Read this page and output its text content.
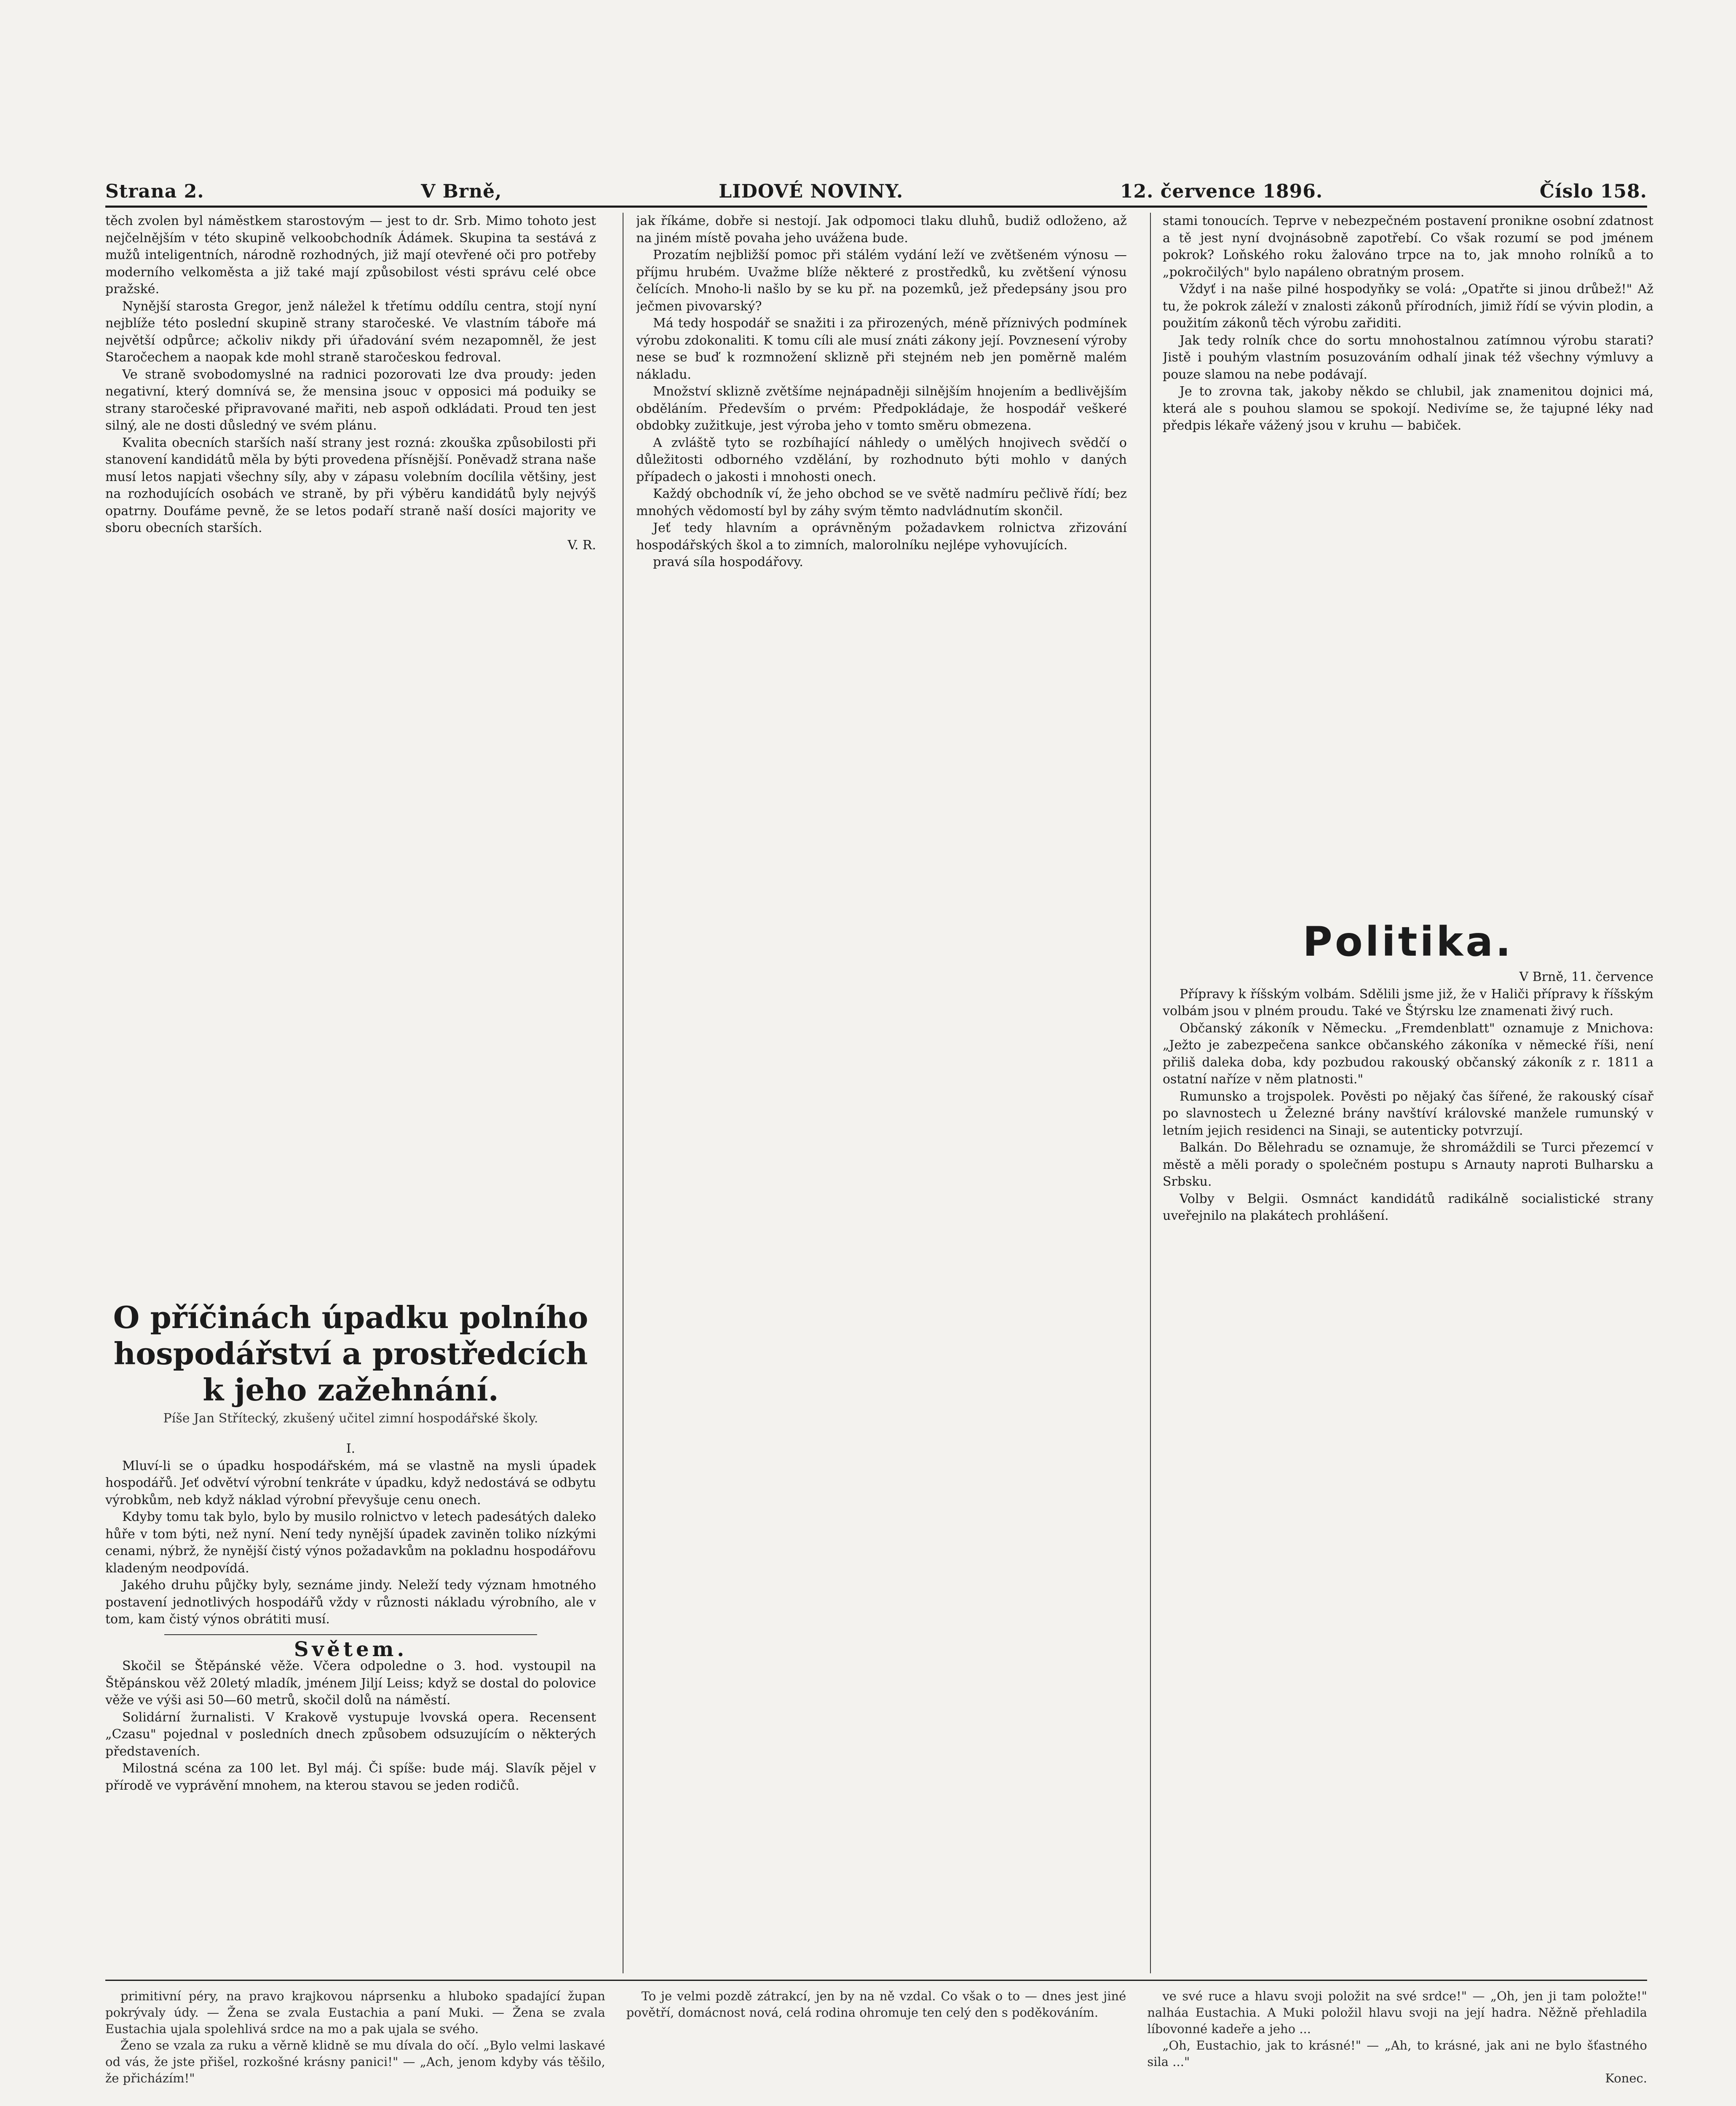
Strana 2.	V Brně,	LIDOVÉ NOVINY.	12. července 1896.	Číslo 158.

těch zvolen byl náměstkem starostovým — jest to dr. Srb. Mimo tohoto jest nejčelnějším v této skupině velkoobchodník Ádámek. Skupina ta sestává z mužů inteligentních, národně rozhodných, již mají otevřené oči pro potřeby moderního velkoměsta a již také mají způsobilost vésti správu celé obce pražské.

Nynější starosta Gregor, jenž náležel k třetímu oddílu centra, stojí nyní nejblíže této poslední skupině strany staročeské. Ve vlastním táboře má největší odpůrce; ačkoliv nikdy při úřadování svém nezapomněl, že jest Staročechem a naopak kde mohl straně staročeskou fedroval.

Ve straně svobodomyslné na radnici pozorovati lze dva proudy: jeden negativní, který domnívá se, že mensina jsouc v opposici má poduiky se strany staročeské připravované mařiti, neb aspoň odkládati. Proud ten jest silný, ale ne dosti důsledný ve svém plánu.

Kvalita obecních starších naší strany jest rozná: zkouška způsobilosti při stanovení kandidátů měla by býti provedena přísnější. Poněvadž strana naše musí letos napjati všechny síly, aby v zápasu volebním docílila většiny, jest na rozhodujících osobách ve straně, by při výběru kandidátů byly nejvýš opatrny. Doufáme pevně, že se letos podaří straně naší dosíci majority ve sboru obecních starších.

V. R.

O příčinách úpadku polního hospodářství a prostředcích k jeho zažehnání.
Píše Jan Střítecký, zkušený učitel zimní hospodářské školy.

I.

Mluví-li se o úpadku hospodářském, má se vlastně na mysli úpadek hospodářů. Jeť odvětví výrobní tenkráte v úpadku, když nedostává se odbytu výrobkům, neb když náklad výrobní převyšuje cenu onech.

Kdyby tomu tak bylo, bylo by musilo rolnictvo v letech padesátých daleko hůře v tom býti, než nyní. Není tedy nynější úpadek zaviněn toliko nízkými cenami, nýbrž, že nynější čistý výnos požadavkům na pokladnu hospodářovu kladeným neodpovídá.

Jakého druhu půjčky byly, seznáme jindy. Neleží tedy význam hmotného postavení jednotlivých hospodářů vždy v různosti nákladu výrobního, ale v tom, kam čistý výnos obrátiti musí.

Světem.

Skočil se Štěpánské věže. Včera odpoledne o 3. hod. vystoupil na Štěpánskou věž 20letý mladík, jménem Jiljí Leiss; když se dostal do polovice věže ve výši asi 50—60 metrů, skočil dolů na náměstí.

Solidární žurnalisti. V Krakově vystupuje lvovská opera. Recensent „Czasu" pojednal v posledních dnech způsobem odsuzujícím o některých představeních.

Milostná scéna za 100 let. Byl máj. Či spíše: bude máj. Slavík pějel v přírodě ve vyprávění mnohem, na kterou stavou se jeden rodičů.

jak říkáme, dobře si nestojí. Jak odpomoci tlaku dluhů, budiž odloženo, až na jiném místě povaha jeho uvážena bude.

Prozatím nejbližší pomoc při stálém vydání leží ve zvětšeném výnosu — příjmu hrubém. Uvažme blíže některé z prostředků, ku zvětšení výnosu čelících. Mnoho-li našlo by se ku př. na pozemků, jež předepsány jsou pro ječmen pivovarský?

Má tedy hospodář se snažiti i za přirozených, méně příznivých podmínek výrobu zdokonaliti. K tomu cíli ale musí znáti zákony její. Povznesení výroby nese se buď k rozmnožení sklizně při stejném neb jen poměrně malém nákladu.

Množství sklizně zvětšíme nejnápadněji silnějším hnojením a bedlivějším obděláním. Především o prvém: Předpokládaje, že hospodář veškeré obdobky zužitkuje, jest výroba jeho v tomto směru obmezena.

A zvláště tyto se rozbíhající náhledy o umělých hnojivech svědčí o důležitosti odborného vzdělání, by rozhodnuto býti mohlo v daných případech o jakosti i mnohosti onech.

Každý obchodník ví, že jeho obchod se ve světě nadmíru pečlivě řídí; bez mnohých vědomostí byl by záhy svým těmto nadvládnutím skončil.

Jeť tedy hlavním a oprávněným požadavkem rolnictva zřizování hospodářských škol a to zimních, malorolníku nejlépe vyhovujících.

pravá síla hospodářovy.

stami tonoucích. Teprve v nebezpečném postavení pronikne osobní zdatnost a tě jest nyní dvojnásobně zapotřebí. Co však rozumí se pod jménem pokrok? Loňského roku žalováno trpce na to, jak mnoho rolníků a to „pokročilých" bylo napáleno obratným prosem.

Vždyť i na naše pilné hospodyňky se volá: „Opatřte si jinou drůbež!" Až tu, že pokrok záleží v znalosti zákonů přírodních, jimiž řídí se vývin plodin, a použitím zákonů těch výrobu zařiditi.

Jak tedy rolník chce do sortu mnohostalnou zatímnou výrobu starati? Jistě i pouhým vlastním posuzováním odhalí jinak též všechny výmluvy a pouze slamou na nebe podávají.

Je to zrovna tak, jakoby někdo se chlubil, jak znamenitou dojnici má, která ale s pouhou slamou se spokojí. Nedivíme se, že tajupné léky nad předpis lékaře vážený jsou v kruhu — babiček.

Politika.

V Brně, 11. července

Přípravy k říšským volbám. Sdělili jsme již, že v Haliči přípravy k říšským volbám jsou v plném proudu. Také ve Štýrsku lze znamenati živý ruch.

Občanský zákoník v Německu. „Fremdenblatt" oznamuje z Mnichova: „Ježto je zabezpečena sankce občanského zákoníka v německé říši, není přiliš daleka doba, kdy pozbudou rakouský občanský zákoník z r. 1811 a ostatní naříze v něm platnosti."

Rumunsko a trojspolek. Pověsti po nějaký čas šířené, že rakouský císař po slavnostech u Železné brány navštíví královské manžele rumunský v letním jejich residenci na Sinaji, se autenticky potvrzují.

Balkán. Do Bělehradu se oznamuje, že shromáždili se Turci přezemcí v městě a měli porady o společném postupu s Arnauty naproti Bulharsku a Srbsku.

Volby v Belgii. Osmnáct kandidátů radikálně socialistické strany uveřejnilo na plakátech prohlášení.

primitivní péry, na pravo krajkovou náprsenku a hluboko spadající župan pokrývaly údy. — Žena se zvala Eustachia a paní Muki. — Žena se zvala Eustachia ujala spolehlivá srdce na mo a pak ujala se svého.

Ženo se vzala za ruku a věrně klidně se mu dívala do očí. „Bylo velmi laskavé od vás, že jste přišel, rozkošné krásny panici!" — „Ach, jenom kdyby vás těšilo, že přicházím!"

To je velmi pozdě zátrakcí, jen by na ně vzdal. Co však o to — dnes jest jiné povětří, domácnost nová, celá rodina ohromuje ten celý den s poděkováním.

ve své ruce a hlavu svoji položit na své srdce!" — „Oh, jen ji tam položte!" nalháa Eustachia. A Muki položil hlavu svoji na její hadra. Něžně přehladila líbovonné kadeře a jeho ...

„Oh, Eustachio, jak to krásné!" — „Ah, to krásné, jak ani ne bylo šťastného sila ..."

Konec.
